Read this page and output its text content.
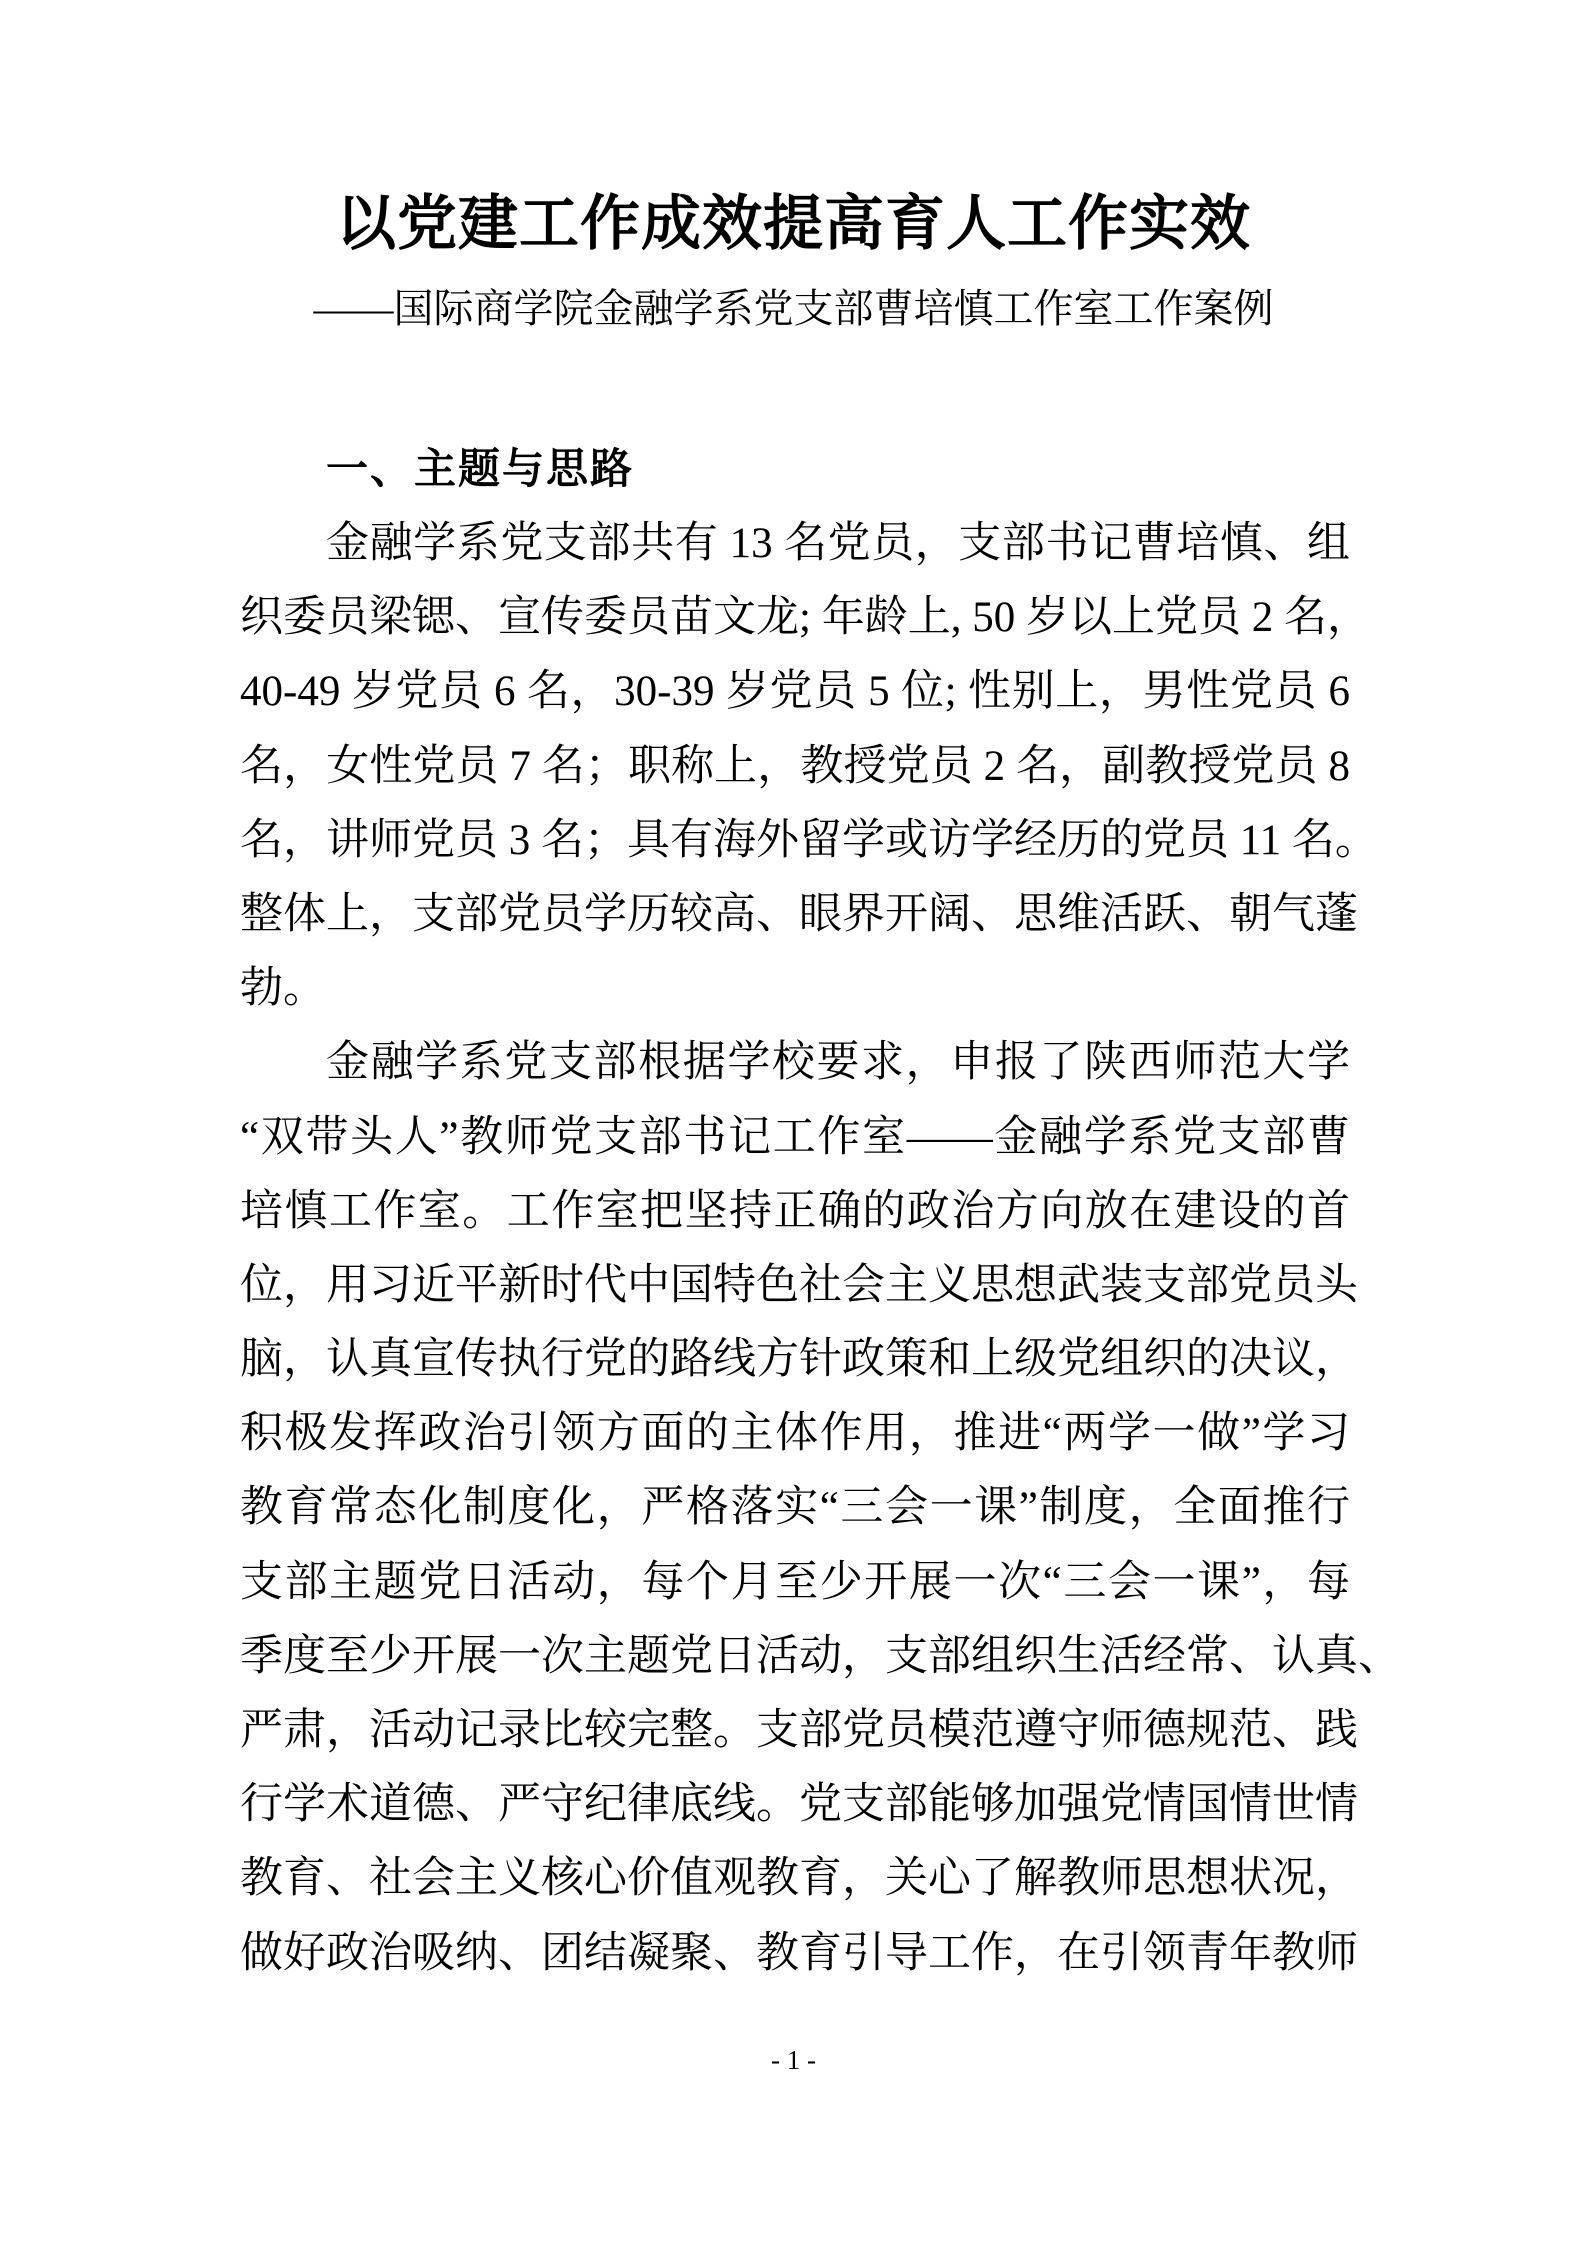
以党建工作成效提高育人工作实效
——国际商学院金融学系党支部曹培慎工作室工作案例
一、主题与思路
金融学系党支部共有 13 名党员，支部书记曹培慎、组
织委员梁锶、宣传委员苗文龙; 年龄上, 50 岁以上党员 2 名，
40-49 岁党员 6 名，30-39 岁党员 5 位; 性别上，男性党员 6
名，女性党员 7 名；职称上，教授党员 2 名，副教授党员 8
名，讲师党员 3 名；具有海外留学或访学经历的党员 11 名。
整体上，支部党员学历较高、眼界开阔、思维活跃、朝气蓬
勃。
金融学系党支部根据学校要求，申报了陕西师范大学
“双带头人”教师党支部书记工作室——金融学系党支部曹
培慎工作室。工作室把坚持正确的政治方向放在建设的首
位，用习近平新时代中国特色社会主义思想武装支部党员头
脑，认真宣传执行党的路线方针政策和上级党组织的决议，
积极发挥政治引领方面的主体作用，推进“两学一做”学习
教育常态化制度化，严格落实“三会一课”制度，全面推行
支部主题党日活动，每个月至少开展一次“三会一课”，每
季度至少开展一次主题党日活动，支部组织生活经常、认真、
严肃，活动记录比较完整。支部党员模范遵守师德规范、践
行学术道德、严守纪律底线。党支部能够加强党情国情世情
教育、社会主义核心价值观教育，关心了解教师思想状况，
做好政治吸纳、团结凝聚、教育引导工作，在引领青年教师
- 1 -
